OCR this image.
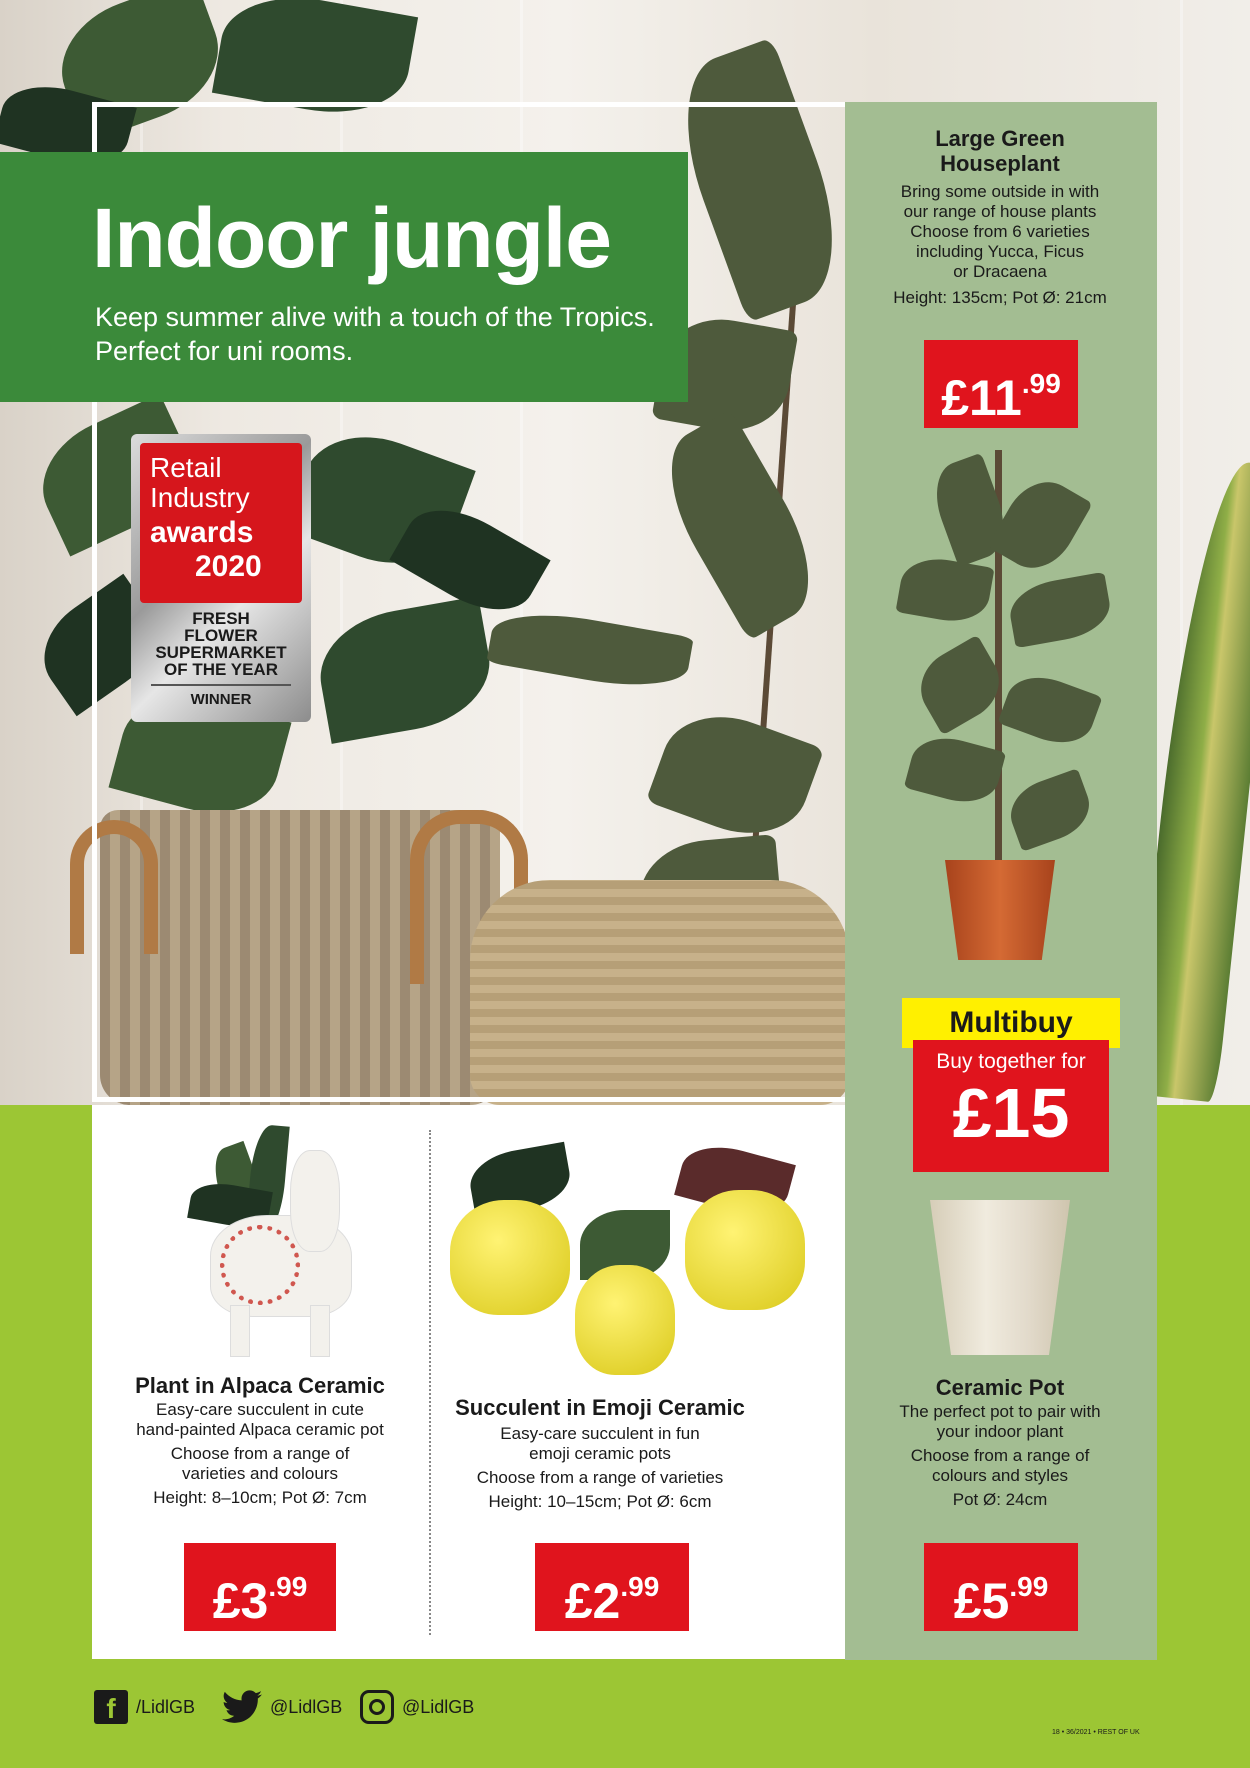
Indoor jungle
Keep summer alive with a touch of the Tropics. Perfect for uni rooms.
Retail
Industry
awards
2020
FRESH
FLOWER
SUPERMARKET
OF THE YEAR
WINNER
Large Green
Houseplant
Bring some outside in with
our range of house plants
Choose from 6 varieties
including Yucca, Ficus
or Dracaena
Height: 135cm; Pot Ø: 21cm
£11.99
Multibuy
Buy together for
£15
Plant in Alpaca Ceramic
Easy-care succulent in cute
hand-painted Alpaca ceramic pot
Choose from a range of
varieties and colours
Height: 8–10cm; Pot Ø: 7cm
£3.99
Succulent in Emoji Ceramic
Easy-care succulent in fun
emoji ceramic pots
Choose from a range of varieties
Height: 10–15cm; Pot Ø: 6cm
£2.99
Ceramic Pot
The perfect pot to pair with
your indoor plant
Choose from a range of
colours and styles
Pot Ø: 24cm
£5.99
f	/LidlGB	@LidlGB	@LidlGB
18 • 36/2021 • REST OF UK
